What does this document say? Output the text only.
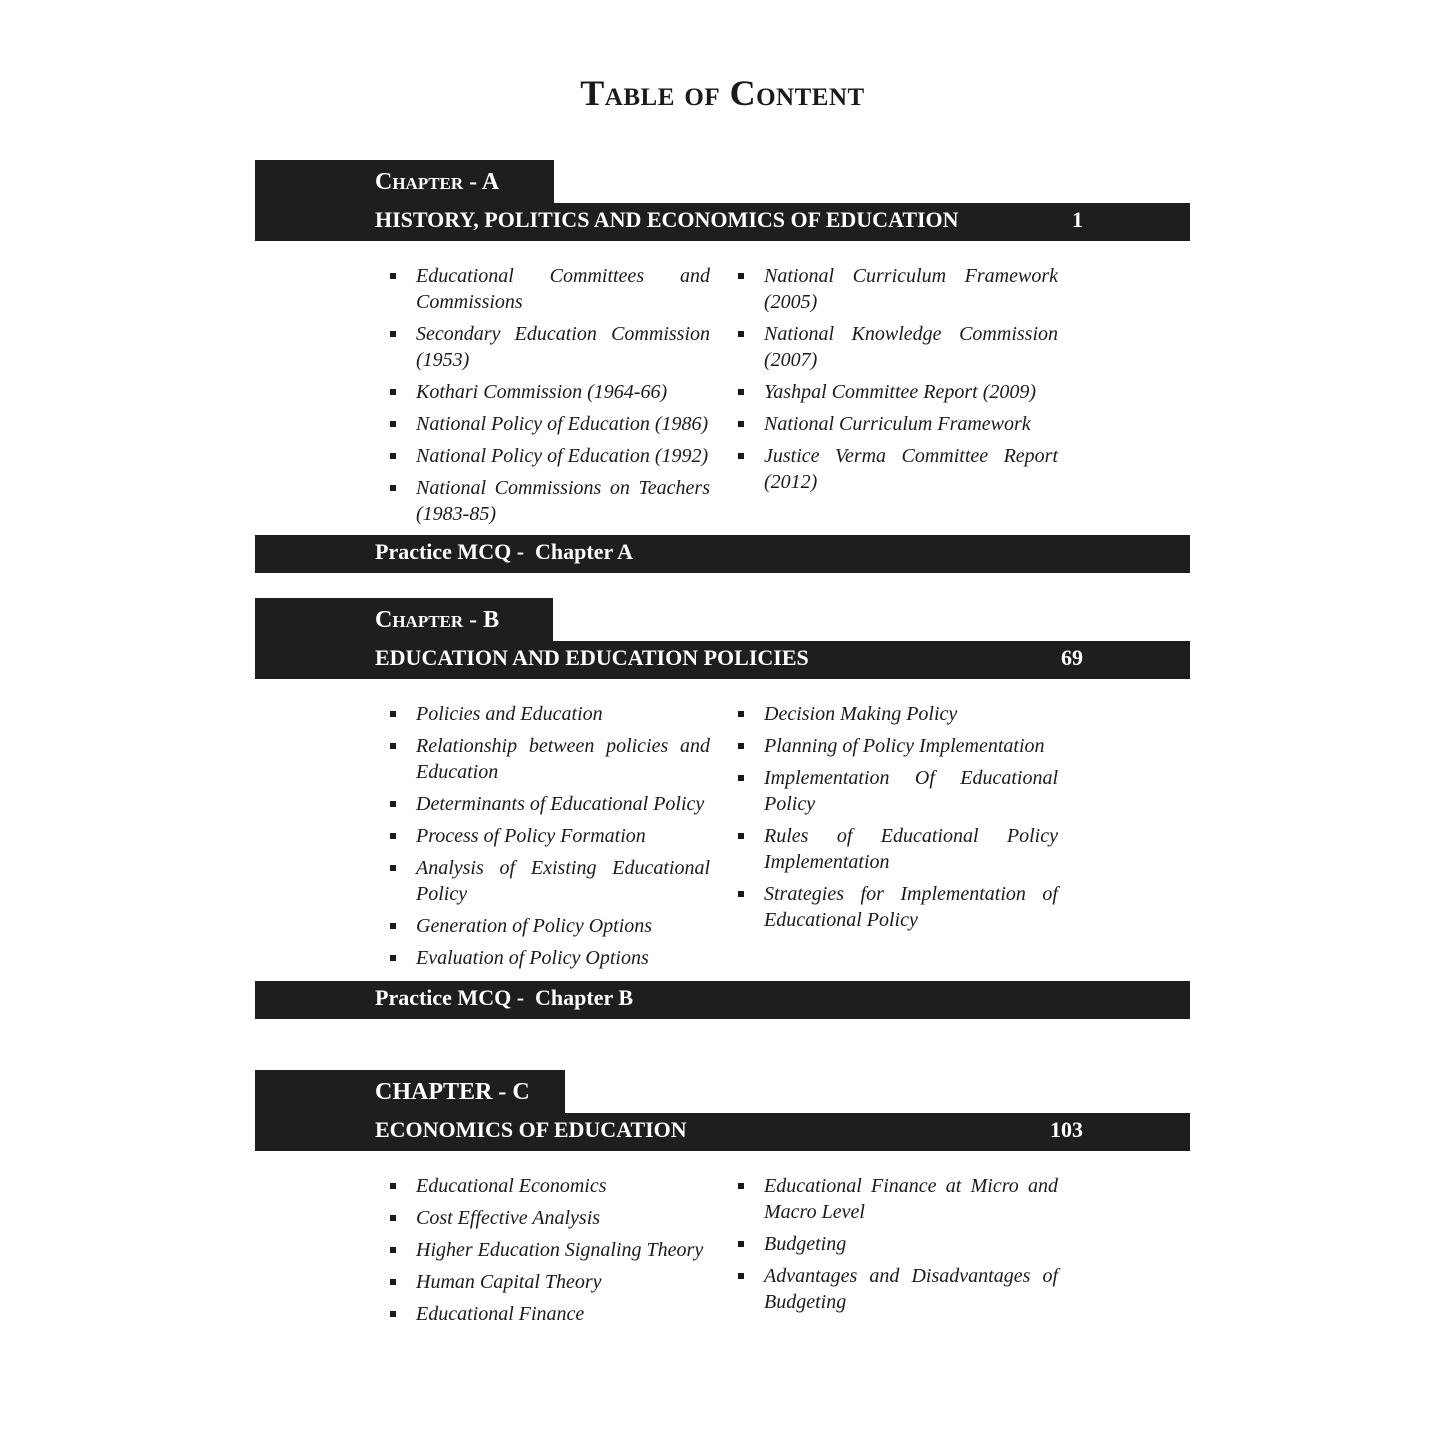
Table of Content
Chapter - A
HISTORY, POLITICS AND ECONOMICS OF EDUCATION	1
Educational Committees and Commissions
Secondary Education Commission (1953)
Kothari Commission (1964-66)
National Policy of Education (1986)
National Policy of Education (1992)
National Commissions on Teachers (1983-85)
National Curriculum Framework (2005)
National Knowledge Commission (2007)
Yashpal Committee Report (2009)
National Curriculum Framework
Justice Verma Committee Report (2012)
Practice MCQ -  Chapter A
Chapter - B
EDUCATION AND EDUCATION POLICIES	69
Policies and Education
Relationship between policies and Education
Determinants of Educational Policy
Process of Policy Formation
Analysis of Existing Educational Policy
Generation of Policy Options
Evaluation of Policy Options
Decision Making Policy
Planning of Policy Implementation
Implementation Of Educational Policy
Rules of Educational Policy Implementation
Strategies for Implementation of Educational Policy
Practice MCQ -  Chapter B
CHAPTER - C
ECONOMICS OF EDUCATION	103
Educational Economics
Cost Effective Analysis
Higher Education Signaling Theory
Human Capital Theory
Educational Finance
Educational Finance at Micro and Macro Level
Budgeting
Advantages and Disadvantages of Budgeting
